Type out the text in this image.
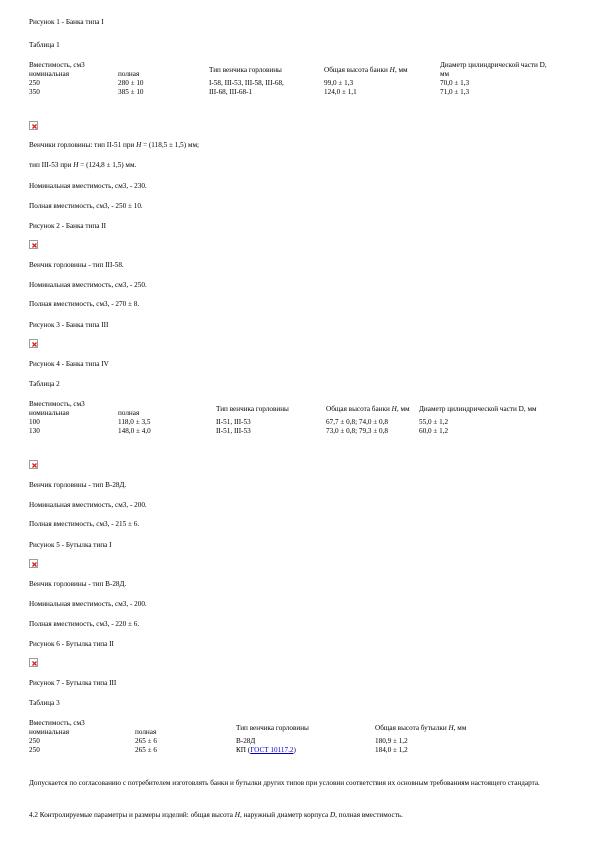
Рисунок 1 - Банка типа I
Таблица 1
Вместимость, см3		Тип венчика горловины	Общая высота банки H, мм	Диаметр цилиндрической части D, мм
номинальная	полная			
250	280 ± 10	I-58, III-53, III-58, III-68,	99,0 ± 1,3	70,0 ± 1,3
350	385 ± 10	III-68, III-68-1	124,0 ± 1,1	71,0 ± 1,3
Венчики горловины: тип II-51 при H = (118,5 ± 1,5) мм;
тип III-53 при H = (124,8 ± 1,5) мм.
Номинальная вместимость, см3, - 230.
Полная вместимость, см3, - 250 ± 10.
Рисунок 2 - Банка типа II
Венчик горловины - тип III-58.
Номинальная вместимость, см3, - 250.
Полная вместимость, см3, - 270 ± 8.
Рисунок 3 - Банка типа III
Рисунок 4 - Банка типа IV
Таблица 2
Вместимость, см3		Тип венчика горловины	Общая высота банки H, мм	Диаметр цилиндрической части D, мм
номинальная	полная			
100	118,0 ± 3,5	II-51, III-53	67,7 ± 0,8; 74,0 ± 0,8	55,0 ± 1,2
130	148,0 ± 4,0	II-51, III-53	73,0 ± 0,8; 79,3 ± 0,8	60,0 ± 1,2
Венчик горловины - тип В-28Д.
Номинальная вместимость, см3, - 200.
Полная вместимость, см3, - 215 ± 6.
Рисунок 5 - Бутылка типа I
Венчик горловины - тип В-28Д.
Номинальная вместимость, см3, - 200.
Полная вместимость, см3, - 220 ± 6.
Рисунок 6 - Бутылка типа II
Рисунок 7 - Бутылка типа III
Таблица 3
Вместимость, см3		Тип венчика горловины	Общая высота бутылки H, мм
номинальная	полная		
250	265 ± 6	В-28Д	180,9 ± 1,2
250	265 ± 6	КП (ГОСТ 10117.2)	184,0 ± 1,2
Допускается по согласованию с потребителем изготовлять банки и бутылки других типов при условии соответствия их основным требованиям настоящего стандарта.
4.2 Контролируемые параметры и размеры изделий: общая высота H, наружный диаметр корпуса D, полная вместимость.
